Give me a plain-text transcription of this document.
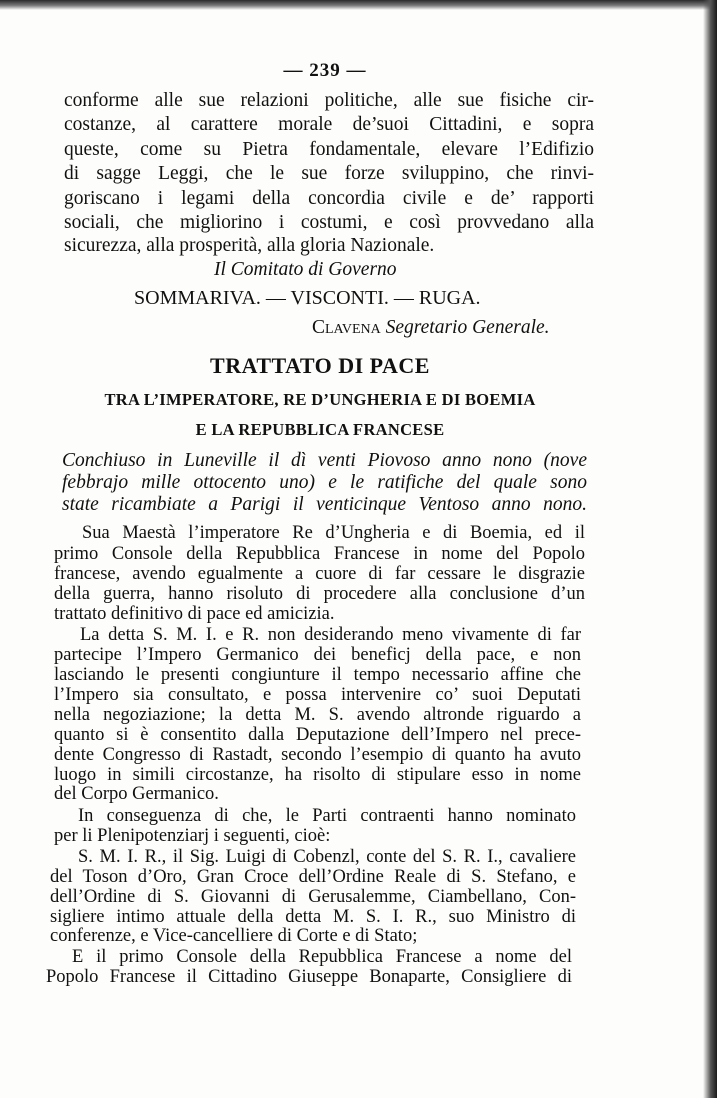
— 239 —
conforme alle sue relazioni politiche, alle sue fisiche cir-
costanze, al carattere morale de’suoi Cittadini, e sopra
queste, come su Pietra fondamentale, elevare l’Edifizio
di sagge Leggi, che le sue forze sviluppino, che rinvi-
goriscano i legami della concordia civile e de’ rapporti
sociali, che migliorino i costumi, e così provvedano alla
sicurezza, alla prosperità, alla gloria Nazionale.
Il Comitato di Governo
SOMMARIVA. — VISCONTI. — RUGA.
Clavena Segretario Generale.
TRATTATO DI PACE
TRA L’IMPERATORE, RE D’UNGHERIA E DI BOEMIA
E LA REPUBBLICA FRANCESE
Conchiuso in Luneville il dì venti Piovoso anno nono (nove
febbrajo mille ottocento uno) e le ratifiche del quale sono
state ricambiate a Parigi il venticinque Ventoso anno nono.
Sua Maestà l’imperatore Re d’Ungheria e di Boemia, ed il
primo Console della Repubblica Francese in nome del Popolo
francese, avendo egualmente a cuore di far cessare le disgrazie
della guerra, hanno risoluto di procedere alla conclusione d’un
trattato definitivo di pace ed amicizia.
La detta S. M. I. e R. non desiderando meno vivamente di far
partecipe l’Impero Germanico dei beneficj della pace, e non
lasciando le presenti congiunture il tempo necessario affine che
l’Impero sia consultato, e possa intervenire co’ suoi Deputati
nella negoziazione; la detta M. S. avendo altronde riguardo a
quanto si è consentito dalla Deputazione dell’Impero nel prece-
dente Congresso di Rastadt, secondo l’esempio di quanto ha avuto
luogo in simili circostanze, ha risolto di stipulare esso in nome
del Corpo Germanico.
In conseguenza di che, le Parti contraenti hanno nominato
per li Plenipotenziarj i seguenti, cioè:
S. M. I. R., il Sig. Luigi di Cobenzl, conte del S. R. I., cavaliere
del Toson d’Oro, Gran Croce dell’Ordine Reale di S. Stefano, e
dell’Ordine di S. Giovanni di Gerusalemme, Ciambellano, Con-
sigliere intimo attuale della detta M. S. I. R., suo Ministro di
conferenze, e Vice-cancelliere di Corte e di Stato;
E il primo Console della Repubblica Francese a nome del
Popolo Francese il Cittadino Giuseppe Bonaparte, Consigliere di
